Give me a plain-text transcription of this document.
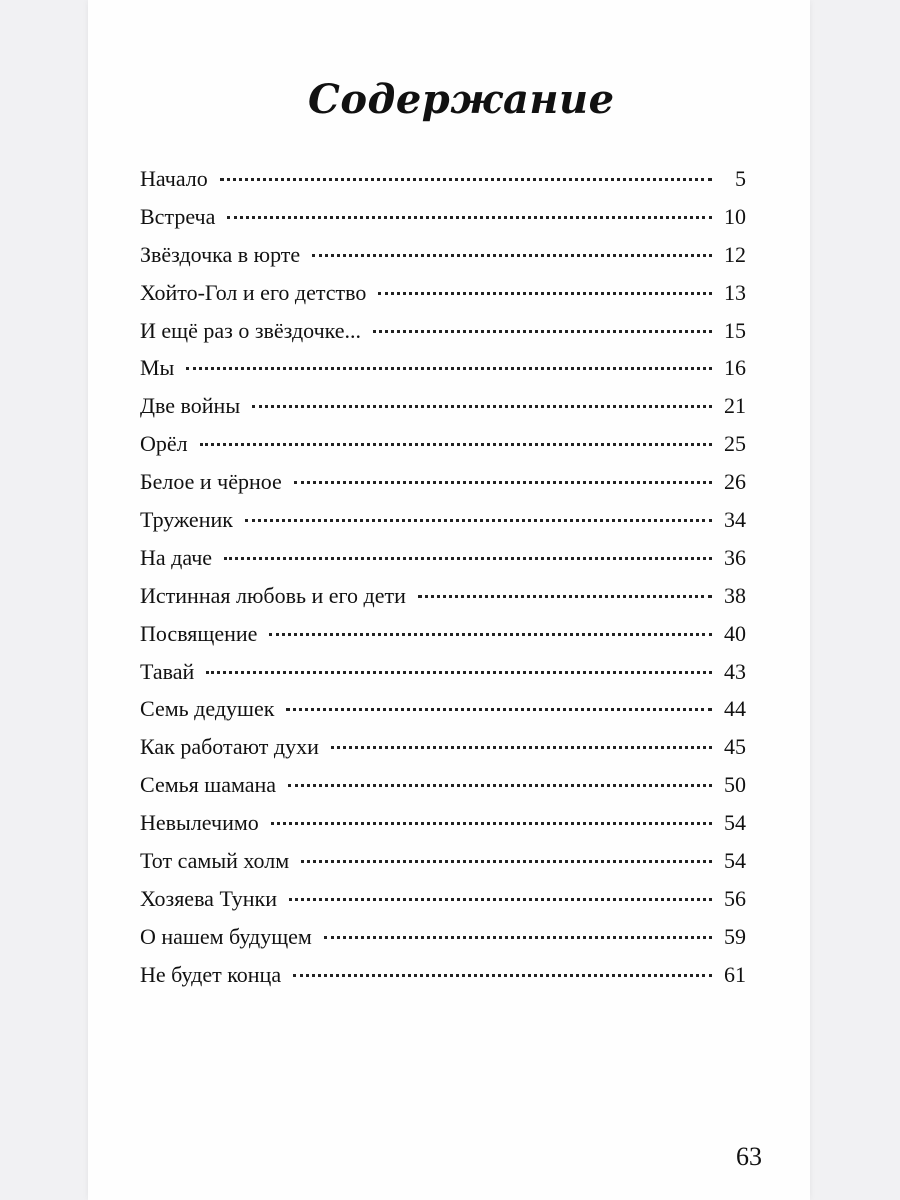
Содержание
Начало	5
Встреча	10
Звёздочка в юрте	12
Хойто-Гол и его детство	13
И ещё раз о звёздочке...	15
Мы	16
Две войны	21
Орёл	25
Белое и чёрное	26
Труженик	34
На даче	36
Истинная любовь и его дети	38
Посвящение	40
Тавай	43
Семь дедушек	44
Как работают духи	45
Семья шамана	50
Невылечимо	54
Тот самый холм	54
Хозяева Тунки	56
О нашем будущем	59
Не будет конца	61
63
